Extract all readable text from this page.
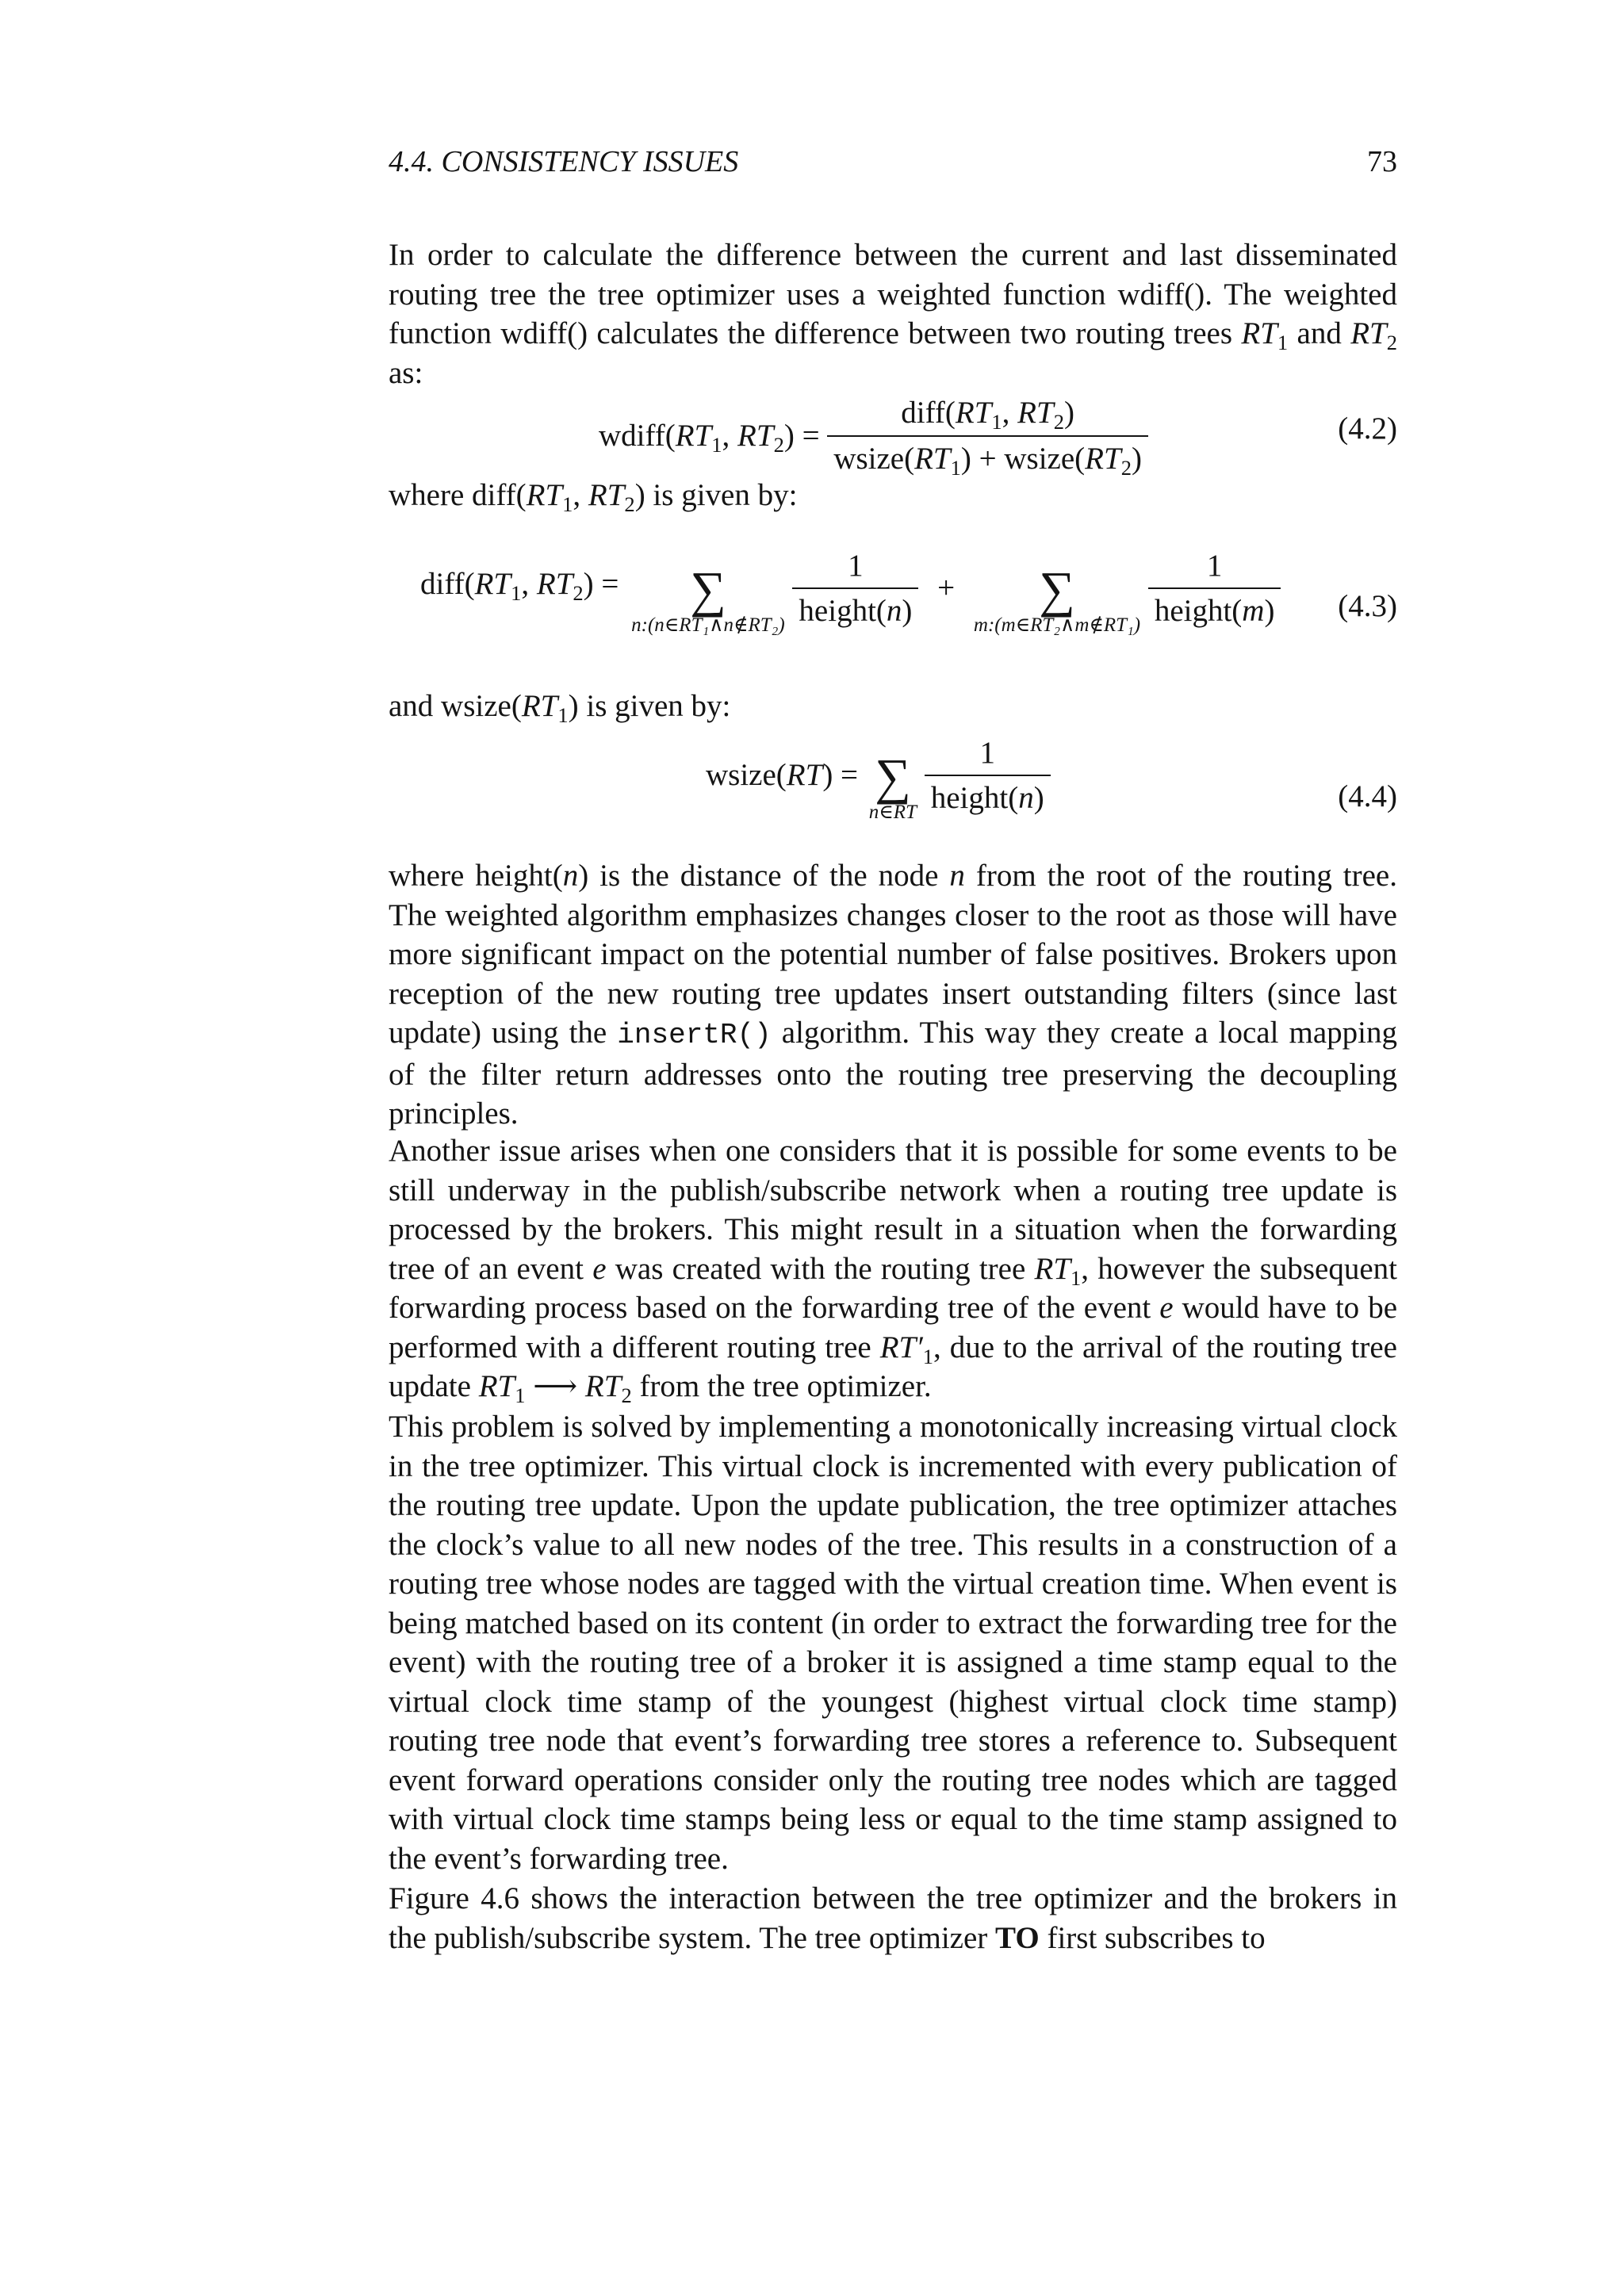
4.4. CONSISTENCY ISSUES	73
In order to calculate the difference between the current and last disseminated routing tree the tree optimizer uses a weighted function wdiff(). The weighted function wdiff() calculates the difference between two routing trees $RT_1$ and $RT_2$ as:
$wdiff(RT_1$, $RT_2) = \frac{diff(RT_1, RT_2)}{wsize(RT_1) + wsize(RT_2)}$	(4.2)
where $diff(RT_1$, $RT_2$) is given by:
$diff(RT_1$, $RT_2$) =	∑
n:(n∈RT₁∧n∉RT₂)
$\frac{1}{\text{height(n)}}$ +	∑
m:(m∈RT₂∧m∉RT₁)
$\frac{1}{\text{height(m)}} (4.3)$
and $wsize(RT_1)$ is given by:
wsize(RT) = ∑
n∈RT
$\frac{1}{\text{height(n)}}$	(4.4)
where height(n) is the distance of the node n from the root of the routing tree. The weighted algorithm emphasizes changes closer to the root as those will have more significant impact on the potential number of false positives. Brokers upon reception of the new routing tree updates insert outstanding filters (since last update) using the insertR() algorithm. This way they create a local mapping of the filter return addresses onto the routing tree preserving the decoupling principles.
Another issue arises when one considers that it is possible for some events to be still underway in the publish/subscribe network when a routing tree update is processed by the brokers. This might result in a situation when the forwarding tree of an event e was created with the routing tree $RT_1$, however the subsequent forwarding process based on the forwarding tree of the event e would have to be performed with a different routing tree $RT'_1$, due to the arrival of the routing tree update $RT_1$ ⟶ $RT_2$ from the tree optimizer.
This problem is solved by implementing a monotonically increasing virtual clock in the tree optimizer. This virtual clock is incremented with every publication of the routing tree update. Upon the update publication, the tree optimizer attaches the clock’s value to all new nodes of the tree. This results in a construction of a routing tree whose nodes are tagged with the virtual creation time. When event is being matched based on its content (in order to extract the forwarding tree for the event) with the routing tree of a broker it is assigned a time stamp equal to the virtual clock time stamp of the youngest (highest virtual clock time stamp) routing tree node that event’s forwarding tree stores a reference to. Subsequent event forward operations consider only the routing tree nodes which are tagged with virtual clock time stamps being less or equal to the time stamp assigned to the event’s forwarding tree.
Figure 4.6 shows the interaction between the tree optimizer and the brokers in the publish/subscribe system. The tree optimizer TO first subscribes to
